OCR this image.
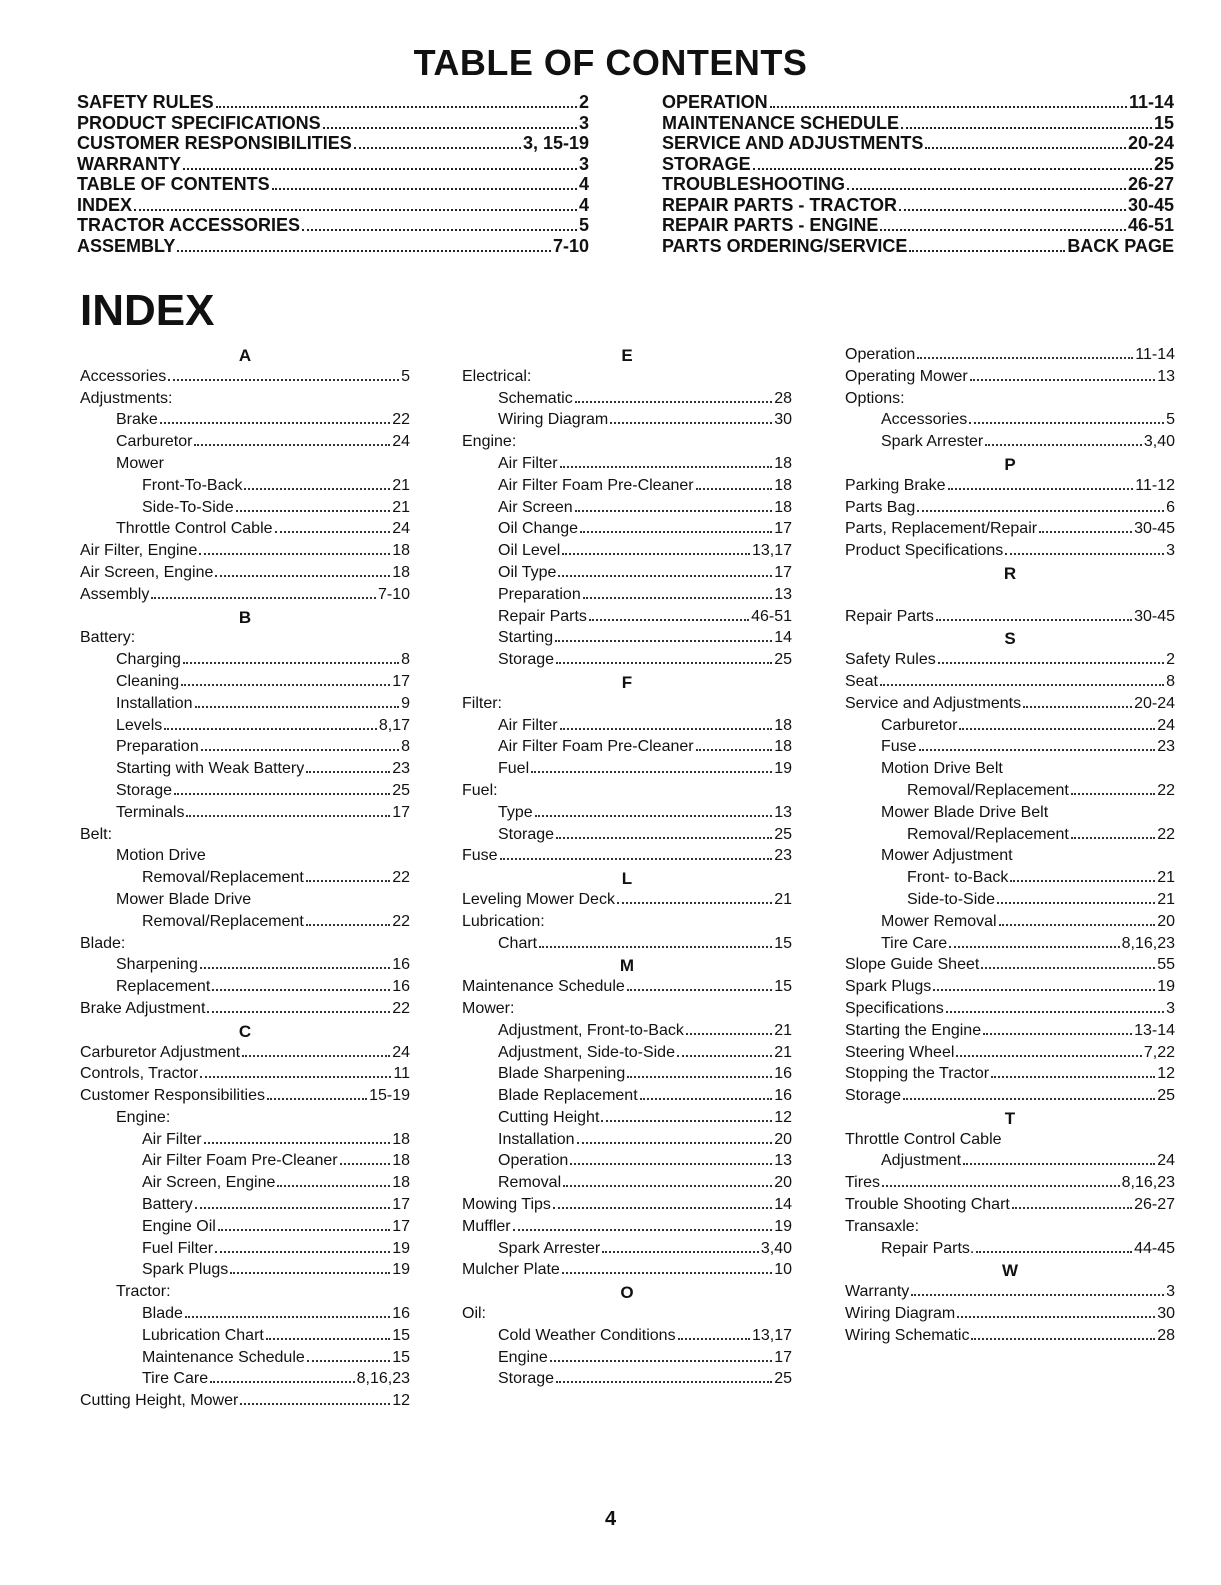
TABLE OF CONTENTS
SAFETY RULES	2
PRODUCT SPECIFICATIONS	3
CUSTOMER RESPONSIBILITIES	3, 15-19
WARRANTY	3
TABLE OF CONTENTS	4
INDEX	4
TRACTOR ACCESSORIES	5
ASSEMBLY	7-10
OPERATION	11-14
MAINTENANCE SCHEDULE	15
SERVICE AND ADJUSTMENTS	20-24
STORAGE	25
TROUBLESHOOTING	26-27
REPAIR PARTS - TRACTOR	30-45
REPAIR PARTS - ENGINE	46-51
PARTS ORDERING/SERVICE	BACK PAGE
INDEX
A
Accessories	5
Adjustments:
Brake	22
Carburetor	24
Mower
Front-To-Back	21
Side-To-Side	21
Throttle Control Cable	24
Air Filter, Engine	18
Air Screen, Engine	18
Assembly	7-10
B
Battery:
Charging	8
Cleaning	17
Installation	9
Levels	8,17
Preparation	8
Starting with Weak Battery	23
Storage	25
Terminals	17
Belt:
Motion Drive
Removal/Replacement	22
Mower Blade Drive
Removal/Replacement	22
Blade:
Sharpening	16
Replacement	16
Brake Adjustment	22
C
Carburetor Adjustment	24
Controls, Tractor	11
Customer Responsibilities	15-19
Engine:
Air Filter	18
Air Filter Foam Pre-Cleaner	18
Air Screen, Engine	18
Battery	17
Engine Oil	17
Fuel Filter	19
Spark Plugs	19
Tractor:
Blade	16
Lubrication Chart	15
Maintenance Schedule	15
Tire Care	8,16,23
Cutting Height, Mower	12
E
Electrical:
Schematic	28
Wiring Diagram	30
Engine:
Air Filter	18
Air Filter Foam Pre-Cleaner	18
Air Screen	18
Oil Change	17
Oil Level	13,17
Oil Type	17
Preparation	13
Repair Parts	46-51
Starting	14
Storage	25
F
Filter:
Air Filter	18
Air Filter Foam Pre-Cleaner	18
Fuel	19
Fuel:
Type	13
Storage	25
Fuse	23
L
Leveling Mower Deck	21
Lubrication:
Chart	15
M
Maintenance Schedule	15
Mower:
Adjustment, Front-to-Back	21
Adjustment, Side-to-Side	21
Blade Sharpening	16
Blade Replacement	16
Cutting Height	12
Installation	20
Operation	13
Removal	20
Mowing Tips	14
Muffler	19
Spark Arrester	3,40
Mulcher Plate	10
O
Oil:
Cold Weather Conditions	13,17
Engine	17
Storage	25
Operation	11-14
Operating Mower	13
Options:
Accessories	5
Spark Arrester	3,40
P
Parking Brake	11-12
Parts Bag	6
Parts, Replacement/Repair	30-45
Product Specifications	3
R
Repair Parts	30-45
S
Safety Rules	2
Seat	8
Service and Adjustments	20-24
Carburetor	24
Fuse	23
Motion Drive Belt
Removal/Replacement	22
Mower Blade Drive Belt
Removal/Replacement	22
Mower Adjustment
Front- to-Back	21
Side-to-Side	21
Mower Removal	20
Tire Care	8,16,23
Slope Guide Sheet	55
Spark Plugs	19
Specifications	3
Starting the Engine	13-14
Steering Wheel	7,22
Stopping the Tractor	12
Storage	25
T
Throttle Control Cable
Adjustment	24
Tires	8,16,23
Trouble Shooting Chart	26-27
Transaxle:
Repair Parts.	44-45
W
Warranty	3
Wiring Diagram	30
Wiring Schematic	28
4
